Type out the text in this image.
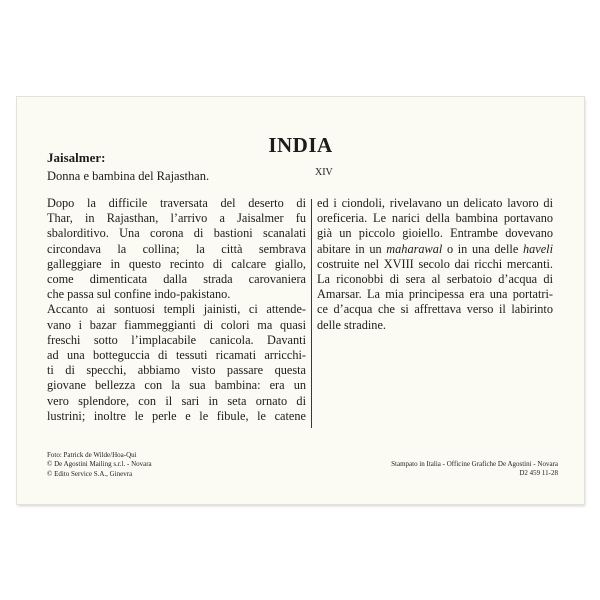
INDIA
XIV
Jaisalmer:
Donna e bambina del Rajasthan.

Dopo la difficile traversata del deserto di

Thar, in Rajasthan, l’arrivo a Jaisalmer fu

sbalorditivo. Una corona di bastioni scanalati

circondava la collina; la città sembrava

galleggiare in questo recinto di calcare giallo,

come dimenticata dalla strada carovaniera

che passa sul confine indo-pakistano.

Accanto ai sontuosi templi jainisti, ci attende-

vano i bazar fiammeggianti di colori ma quasi

freschi sotto l’implacabile canicola. Davanti

ad una botteguccia di tessuti ricamati arricchi-

ti di specchi, abbiamo visto passare questa

giovane bellezza con la sua bambina: era un

vero splendore, con il sari in seta ornato di

lustrini; inoltre le perle e le fibule, le catene

ed i ciondoli, rivelavano un delicato lavoro di

oreficeria. Le narici della bambina portavano

già un piccolo gioiello. Entrambe dovevano

abitare in un maharawal o in una delle haveli

costruite nel XVIII secolo dai ricchi mercanti.

La riconobbi di sera al serbatoio d’acqua di

Amarsar. La mia principessa era una portatri-

ce d’acqua che si affrettava verso il labirinto

delle stradine.

Foto: Patrick de Wilde/Hoa-Qui
© De Agostini Mailing s.r.l. - Novara
© Edito Service S.A., Ginevra
Stampato in Italia - Officine Grafiche De Agostini - Novara
D2 459 11-28
